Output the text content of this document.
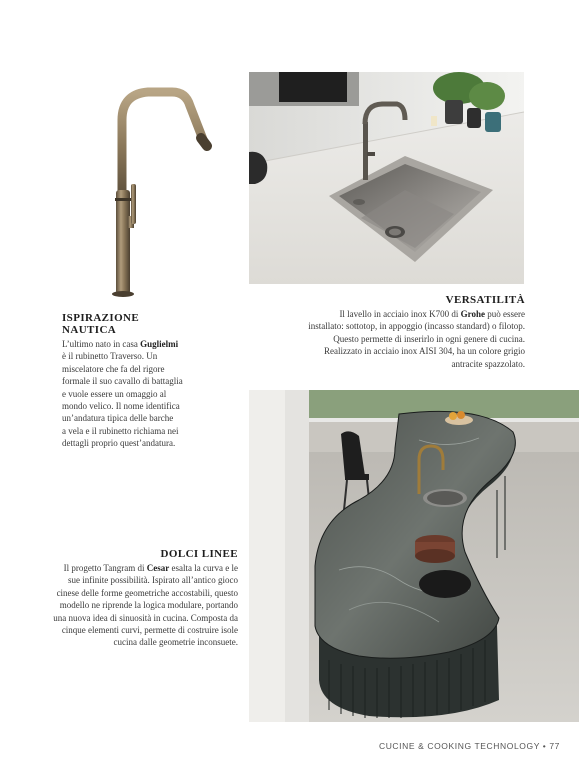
ISPIRAZIONE NAUTICA
L’ultimo nato in casa Guglielmi
è il rubinetto Traverso. Un
miscelatore che fa del rigore
formale il suo cavallo di battaglia
e vuole essere un omaggio al
mondo velico. Il nome identifica
un’andatura tipica delle barche
a vela e il rubinetto richiama nei
dettagli proprio quest’andatura.
VERSATILITÀ
Il lavello in acciaio inox K700 di Grohe può essere
installato: sottotop, in appoggio (incasso standard) o filotop.
Questo permette di inserirlo in ogni genere di cucina.
Realizzato in acciaio inox AISI 304, ha un colore grigio
antracite spazzolato.
DOLCI LINEE
Il progetto Tangram di Cesar esalta la curva e le
sue infinite possibilità. Ispirato all’antico gioco
cinese delle forme geometriche accostabili, questo
modello ne riprende la logica modulare, portando
una nuova idea di sinuosità in cucina. Composta da
cinque elementi curvi, permette di costruire isole
cucina dalle geometrie inconsuete.
CUCINE & COOKING TECHNOLOGY • 77
